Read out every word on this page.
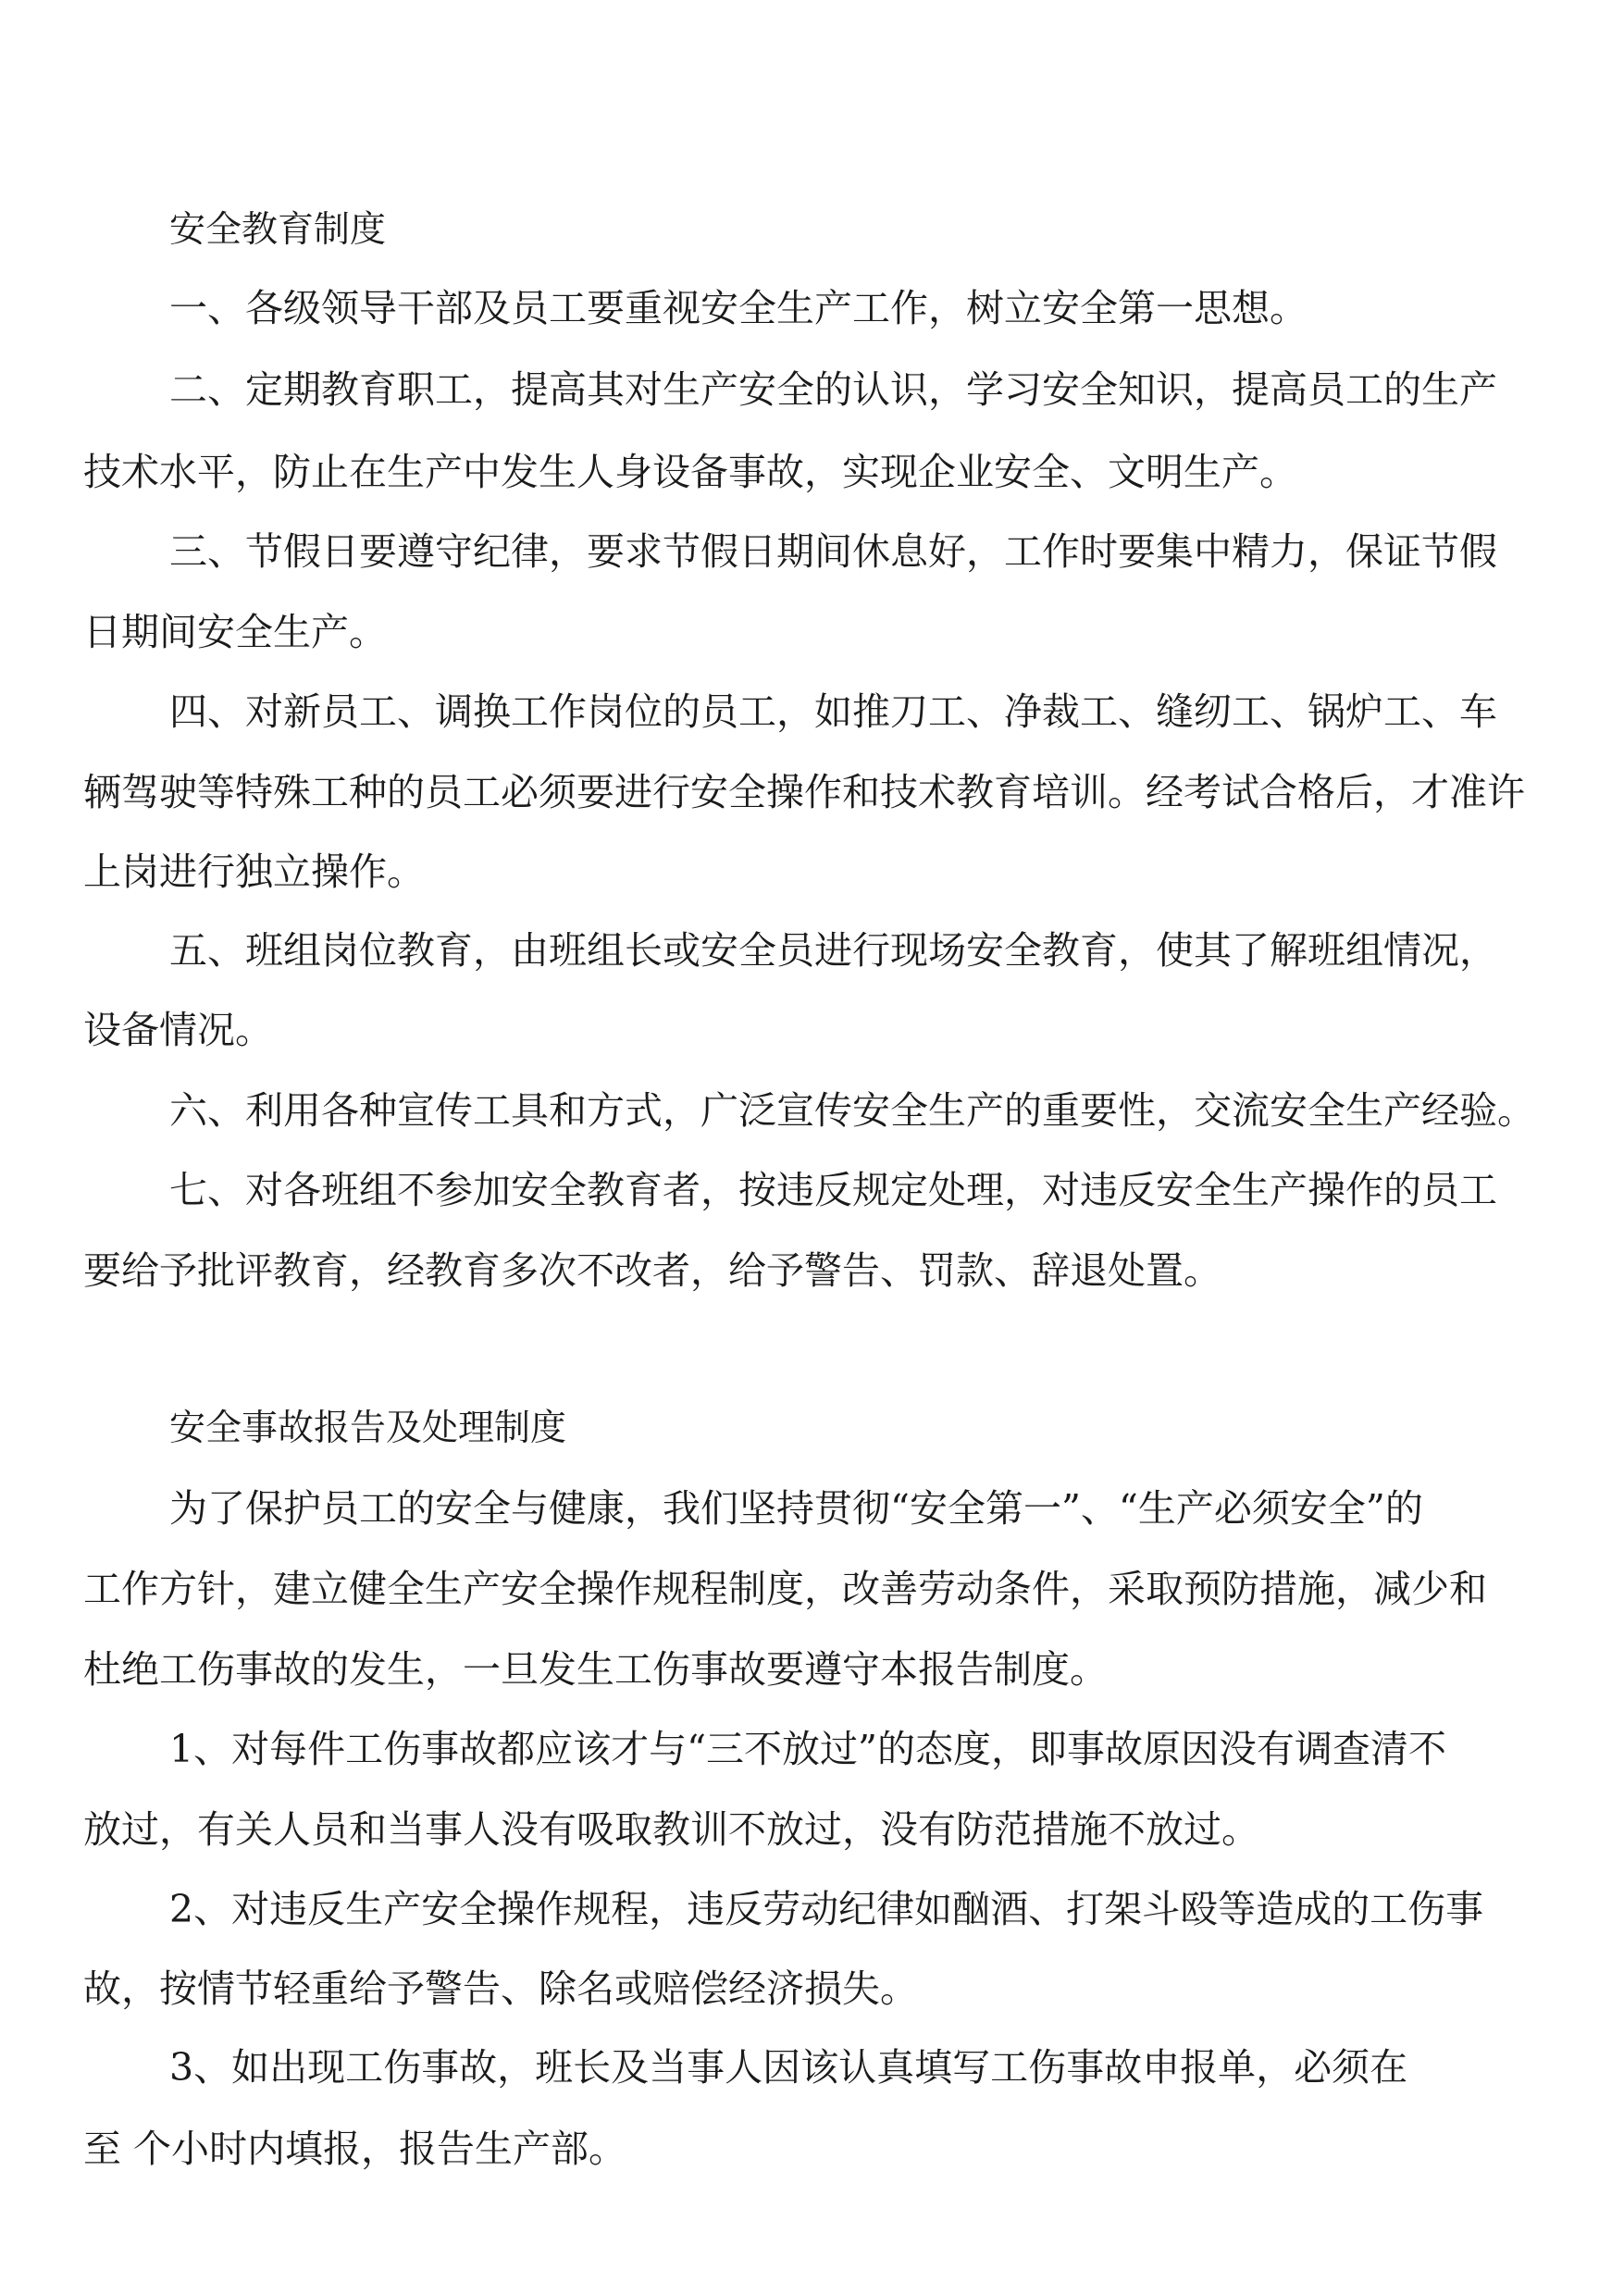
安全教育制度
一、各级领导干部及员工要重视安全生产工作，树立安全第一思想。
二、定期教育职工，提高其对生产安全的认识，学习安全知识，提高员工的生产
技术水平，防止在生产中发生人身设备事故，实现企业安全、文明生产。
三、节假日要遵守纪律，要求节假日期间休息好，工作时要集中精力，保证节假
日期间安全生产。
四、对新员工、调换工作岗位的员工，如推刀工、净裁工、缝纫工、锅炉工、车
辆驾驶等特殊工种的员工必须要进行安全操作和技术教育培训。经考试合格后，才准许
上岗进行独立操作。
五、班组岗位教育，由班组长或安全员进行现场安全教育，使其了解班组情况，
设备情况。
六、利用各种宣传工具和方式，广泛宣传安全生产的重要性，交流安全生产经验。
七、对各班组不参加安全教育者，按违反规定处理，对违反安全生产操作的员工
要给予批评教育，经教育多次不改者，给予警告、罚款、辞退处置。
安全事故报告及处理制度
为了保护员工的安全与健康，我们坚持贯彻“安全第一”、“生产必须安全”的
工作方针，建立健全生产安全操作规程制度，改善劳动条件，采取预防措施，减少和
杜绝工伤事故的发生，一旦发生工伤事故要遵守本报告制度。
1、对每件工伤事故都应该才与“三不放过”的态度，即事故原因没有调查清不
放过，有关人员和当事人没有吸取教训不放过，没有防范措施不放过。
2、对违反生产安全操作规程，违反劳动纪律如酗酒、打架斗殴等造成的工伤事
故，按情节轻重给予警告、除名或赔偿经济损失。
3、如出现工伤事故，班长及当事人因该认真填写工伤事故申报单，必须在
至 个小时内填报，报告生产部。
